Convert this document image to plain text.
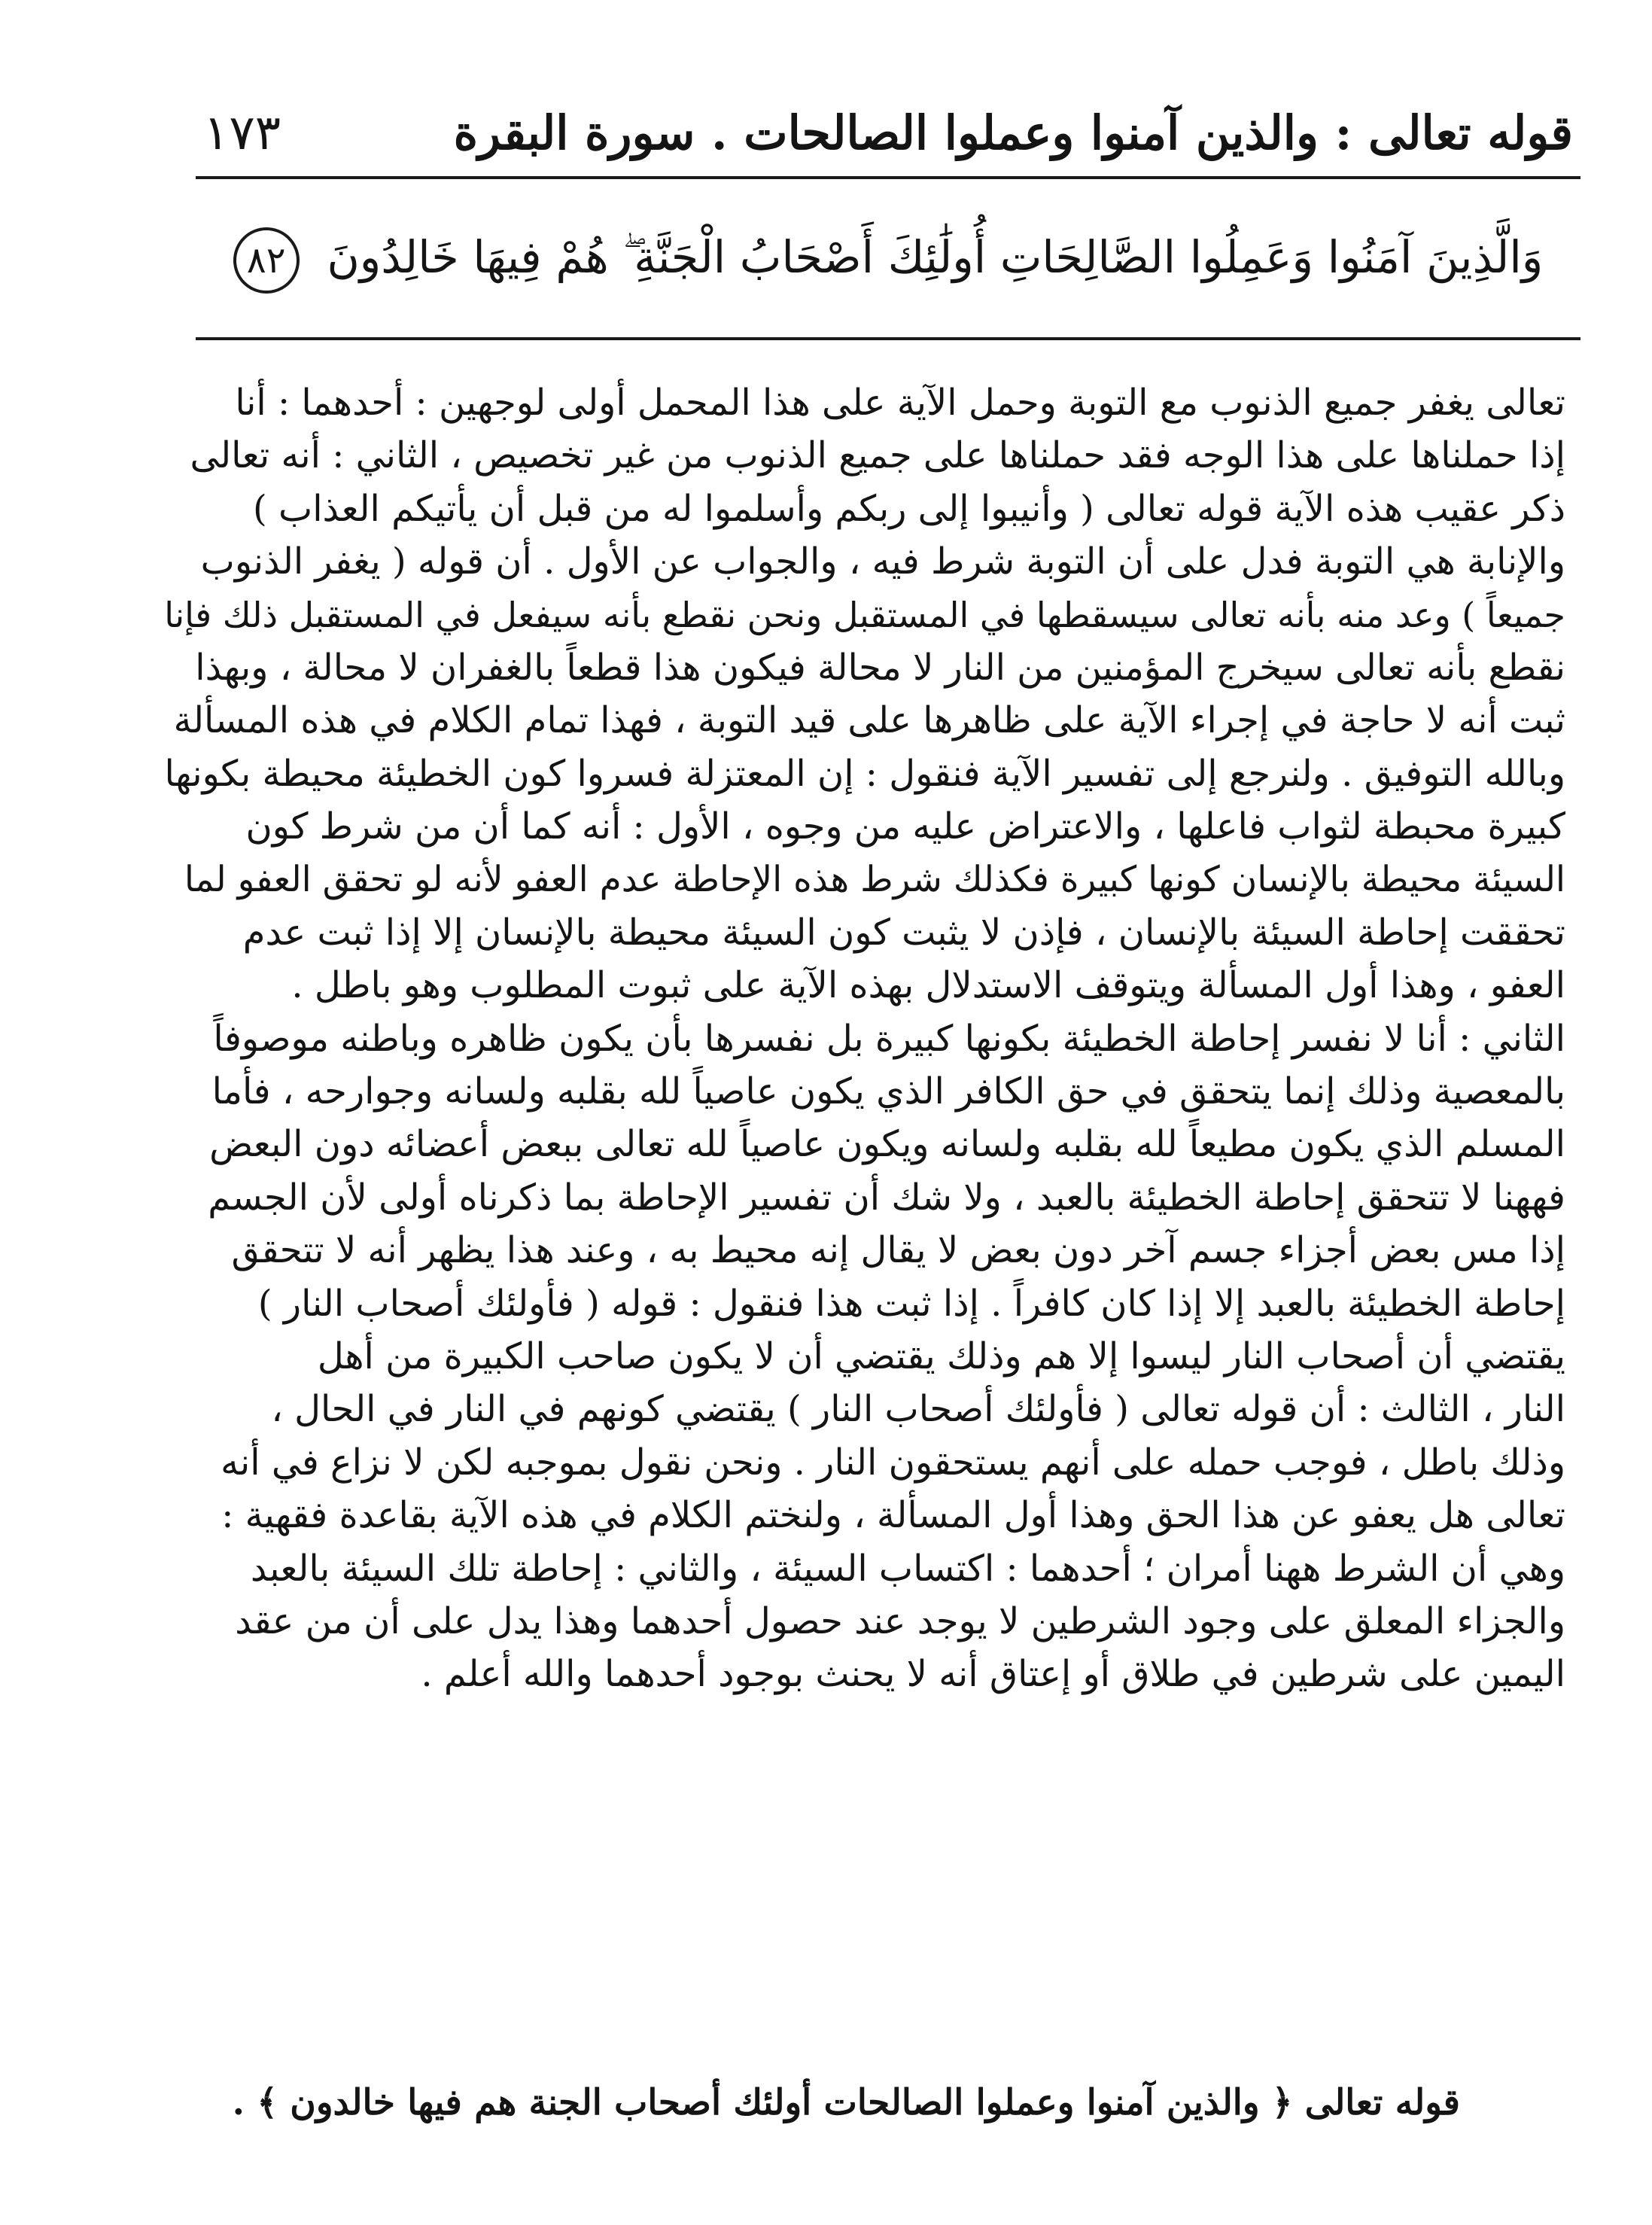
١٧٣	قوله تعالى : والذين آمنوا وعملوا الصالحات . سورة البقرة
وَالَّذِينَ آمَنُوا وَعَمِلُوا الصَّالِحَاتِ أُولَٰئِكَ أَصْحَابُ الْجَنَّةِ ۖ هُمْ فِيهَا خَالِدُونَ ٨٢
تعالى يغفر جميع الذنوب مع التوبة وحمل الآية على هذا المحمل أولى لوجهين : أحدهما : أنا
إذا حملناها على هذا الوجه فقد حملناها على جميع الذنوب من غير تخصيص ، الثاني : أنه تعالى
ذكر عقيب هذه الآية قوله تعالى ( وأنيبوا إلى ربكم وأسلموا له من قبل أن يأتيكم العذاب )
والإنابة هي التوبة فدل على أن التوبة شرط فيه ، والجواب عن الأول . أن قوله ( يغفر الذنوب
جميعاً ) وعد منه بأنه تعالى سيسقطها في المستقبل ونحن نقطع بأنه سيفعل في المستقبل ذلك فإنا
نقطع بأنه تعالى سيخرج المؤمنين من النار لا محالة فيكون هذا قطعاً بالغفران لا محالة ، وبهذا
ثبت أنه لا حاجة في إجراء الآية على ظاهرها على قيد التوبة ، فهذا تمام الكلام في هذه المسألة
وبالله التوفيق . ولنرجع إلى تفسير الآية فنقول : إن المعتزلة فسروا كون الخطيئة محيطة بكونها
كبيرة محبطة لثواب فاعلها ، والاعتراض عليه من وجوه ، الأول : أنه كما أن من شرط كون
السيئة محيطة بالإنسان كونها كبيرة فكذلك شرط هذه الإحاطة عدم العفو لأنه لو تحقق العفو لما
تحققت إحاطة السيئة بالإنسان ، فإذن لا يثبت كون السيئة محيطة بالإنسان إلا إذا ثبت عدم
العفو ، وهذا أول المسألة ويتوقف الاستدلال بهذه الآية على ثبوت المطلوب وهو باطل .
الثاني : أنا لا نفسر إحاطة الخطيئة بكونها كبيرة بل نفسرها بأن يكون ظاهره وباطنه موصوفاً
بالمعصية وذلك إنما يتحقق في حق الكافر الذي يكون عاصياً لله بقلبه ولسانه وجوارحه ، فأما
المسلم الذي يكون مطيعاً لله بقلبه ولسانه ويكون عاصياً لله تعالى ببعض أعضائه دون البعض
فههنا لا تتحقق إحاطة الخطيئة بالعبد ، ولا شك أن تفسير الإحاطة بما ذكرناه أولى لأن الجسم
إذا مس بعض أجزاء جسم آخر دون بعض لا يقال إنه محيط به ، وعند هذا يظهر أنه لا تتحقق
إحاطة الخطيئة بالعبد إلا إذا كان كافراً . إذا ثبت هذا فنقول : قوله ( فأولئك أصحاب النار )
يقتضي أن أصحاب النار ليسوا إلا هم وذلك يقتضي أن لا يكون صاحب الكبيرة من أهل
النار ، الثالث : أن قوله تعالى ( فأولئك أصحاب النار ) يقتضي كونهم في النار في الحال ،
وذلك باطل ، فوجب حمله على أنهم يستحقون النار . ونحن نقول بموجبه لكن لا نزاع في أنه
تعالى هل يعفو عن هذا الحق وهذا أول المسألة ، ولنختم الكلام في هذه الآية بقاعدة فقهية :
وهي أن الشرط ههنا أمران ؛ أحدهما : اكتساب السيئة ، والثاني : إحاطة تلك السيئة بالعبد
والجزاء المعلق على وجود الشرطين لا يوجد عند حصول أحدهما وهذا يدل على أن من عقد
اليمين على شرطين في طلاق أو إعتاق أنه لا يحنث بوجود أحدهما والله أعلم .
قوله تعالى ﴿ والذين آمنوا وعملوا الصالحات أولئك أصحاب الجنة هم فيها خالدون ﴾ .
